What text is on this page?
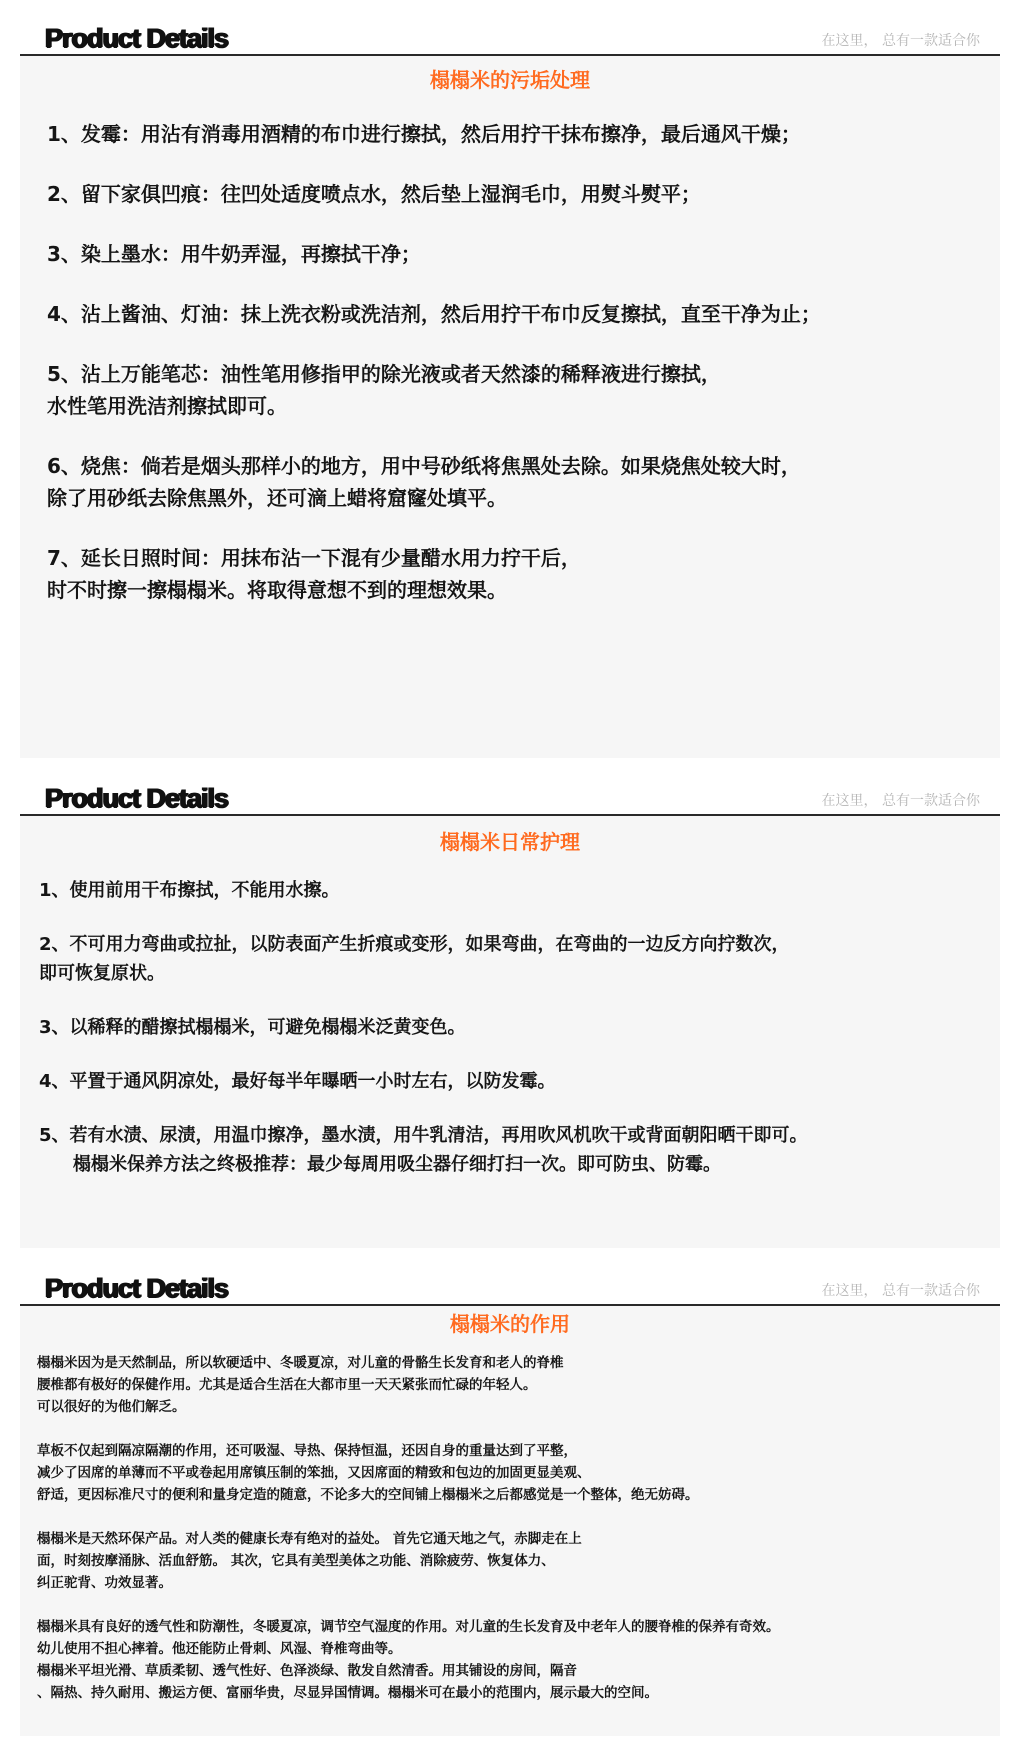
Product Details	在这里， 总有一款适合你
榻榻米的污垢处理
1、发霉：用沾有消毒用酒精的布巾进行擦拭，然后用拧干抹布擦净，最后通风干燥；
2、留下家俱凹痕：往凹处适度喷点水，然后垫上湿润毛巾，用熨斗熨平；
3、染上墨水：用牛奶弄湿，再擦拭干净；
4、沾上酱油、灯油：抹上洗衣粉或洗洁剂，然后用拧干布巾反复擦拭，直至干净为止；
5、沾上万能笔芯：油性笔用修指甲的除光液或者天然漆的稀释液进行擦拭，
水性笔用洗洁剂擦拭即可。
6、烧焦：倘若是烟头那样小的地方，用中号砂纸将焦黑处去除。如果烧焦处较大时，
除了用砂纸去除焦黑外，还可滴上蜡将窟窿处填平。
7、延长日照时间：用抹布沾一下混有少量醋水用力拧干后，
时不时擦一擦榻榻米。将取得意想不到的理想效果。
Product Details	在这里， 总有一款适合你
榻榻米日常护理
1、使用前用干布擦拭，不能用水擦。
2、不可用力弯曲或拉扯，以防表面产生折痕或变形，如果弯曲，在弯曲的一边反方向拧数次，
即可恢复原状。
3、以稀释的醋擦拭榻榻米，可避免榻榻米泛黄变色。
4、平置于通风阴凉处，最好每半年曝晒一小时左右，以防发霉。
5、若有水渍、尿渍，用温巾擦净，墨水渍，用牛乳清洁，再用吹风机吹干或背面朝阳晒干即可。
榻榻米保养方法之终极推荐：最少每周用吸尘器仔细打扫一次。即可防虫、防霉。
Product Details	在这里， 总有一款适合你
榻榻米的作用
榻榻米因为是天然制品，所以软硬适中、冬暖夏凉，对儿童的骨骼生长发育和老人的脊椎
腰椎都有极好的保健作用。尤其是适合生活在大都市里一天天紧张而忙碌的年轻人。
可以很好的为他们解乏。
草板不仅起到隔凉隔潮的作用，还可吸湿、导热、保持恒温，还因自身的重量达到了平整，
减少了因席的单薄而不平或卷起用席镇压制的笨拙，又因席面的精致和包边的加固更显美观、
舒适，更因标准尺寸的便利和量身定造的随意，不论多大的空间铺上榻榻米之后都感觉是一个整体，绝无妨碍。
榻榻米是天然环保产品。对人类的健康长寿有绝对的益处。 首先它通天地之气，赤脚走在上
面，时刻按摩涌脉、活血舒筋。 其次，它具有美型美体之功能、消除疲劳、恢复体力、
纠正驼背、功效显著。
榻榻米具有良好的透气性和防潮性，冬暖夏凉，调节空气湿度的作用。对儿童的生长发育及中老年人的腰脊椎的保养有奇效。
幼儿使用不担心摔着。他还能防止骨刺、风湿、脊椎弯曲等。
榻榻米平坦光滑、草质柔韧、透气性好、色泽淡绿、散发自然清香。用其铺设的房间，隔音
、隔热、持久耐用、搬运方便、富丽华贵，尽显异国情调。榻榻米可在最小的范围内，展示最大的空间。
